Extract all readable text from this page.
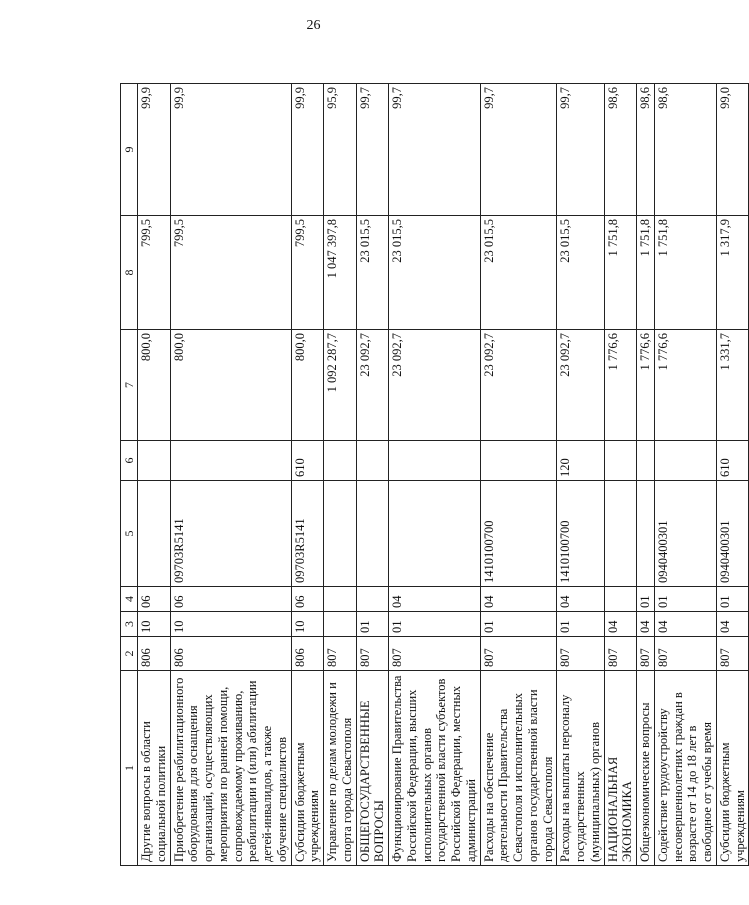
26
1	2	3	4	5	6	7	8	9
Другие вопросы в области социальной политики	806	10	06			800,0	799,5	99,9
Приобретение реабилитационного оборудования для оснащения организаций, осуществляющих мероприятия по ранней помощи, сопровождаемому проживанию, реабилитации и (или) абилитации детей-инвалидов, а также обучение специалистов	806	10	06	09703R5141		800,0	799,5	99,9
Субсидии бюджетным учреждениям	806	10	06	09703R5141	610	800,0	799,5	99,9
Управление по делам молодежи и спорта города Севастополя	807					1 092 287,7	1 047 397,8	95,9
ОБЩЕГОСУДАРСТВЕННЫЕ ВОПРОСЫ	807	01				23 092,7	23 015,5	99,7
Функционирование Правительства Российской Федерации, высших исполнительных органов государственной власти субъектов Российской Федерации, местных администраций	807	01	04			23 092,7	23 015,5	99,7
Расходы на обеспечение деятельности Правительства Севастополя и исполнительных органов государственной власти города Севастополя	807	01	04	1410100700		23 092,7	23 015,5	99,7
Расходы на выплаты персоналу государственных (муниципальных) органов	807	01	04	1410100700	120	23 092,7	23 015,5	99,7
НАЦИОНАЛЬНАЯ ЭКОНОМИКА	807	04				1 776,6	1 751,8	98,6
Общеэкономические вопросы	807	04	01			1 776,6	1 751,8	98,6
Содействие трудоустройству несовершеннолетних граждан в возрасте от 14 до 18 лет в свободное от учебы время	807	04	01	0940400301		1 776,6	1 751,8	98,6
Субсидии бюджетным учреждениям	807	04	01	0940400301	610	1 331,7	1 317,9	99,0
